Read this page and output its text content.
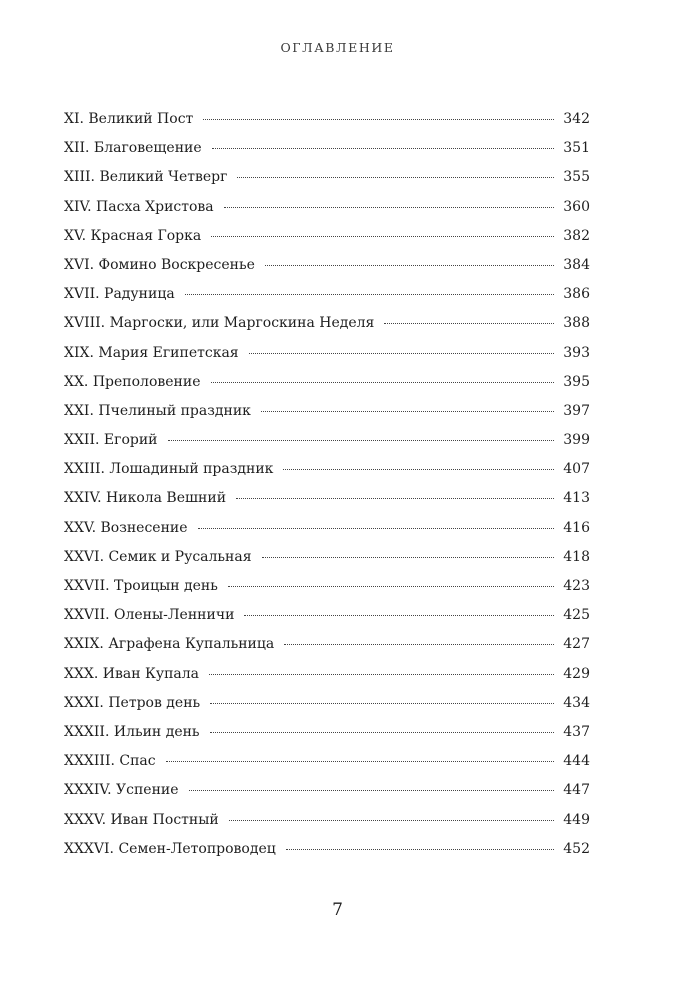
ОГЛАВЛЕНИЕ
XI. Великий Пост	342
XII. Благовещение	351
XIII. Великий Четверг	355
XIV. Пасха Христова	360
XV. Красная Горка	382
XVI. Фомино Воскресенье	384
XVII. Радуница	386
XVIII. Маргоски, или Маргоскина Неделя	388
XIX. Мария Египетская	393
XX. Преполовение	395
XXI. Пчелиный праздник	397
XXII. Егорий	399
XXIII. Лошадиный праздник	407
XXIV. Никола Вешний	413
XXV. Вознесение	416
XXVI. Семик и Русальная	418
XXVII. Троицын день	423
XXVII. Олены-Ленничи	425
XXIX. Аграфена Купальница	427
XXX. Иван Купала	429
XXXI. Петров день	434
XXXII. Ильин день	437
XXXIII. Спас	444
XXXIV. Успение	447
XXXV. Иван Постный	449
XXXVI. Семен-Летопроводец	452
7
